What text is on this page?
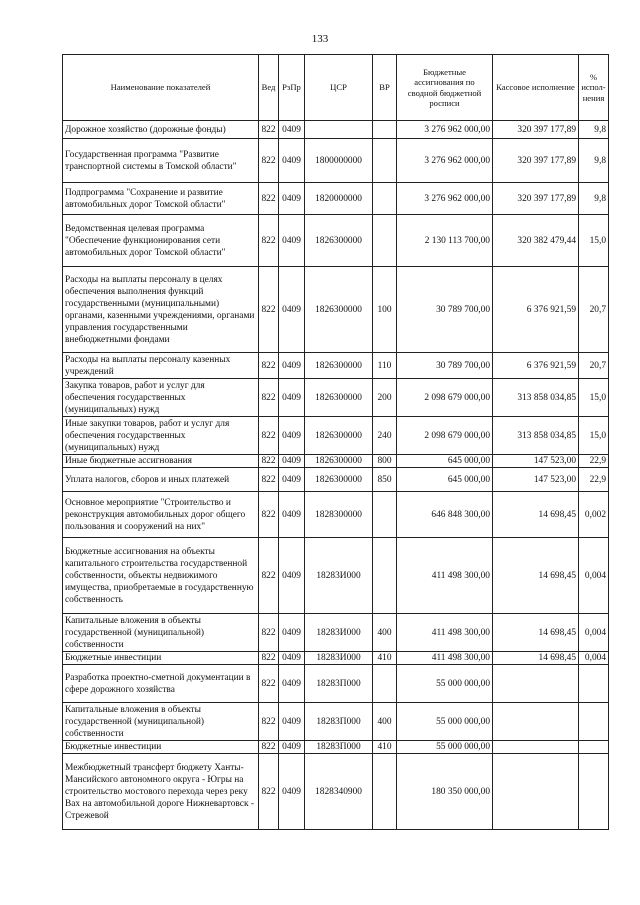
133
Наименование показателей	Вед	РзПр	ЦСР	ВР	Бюджетные ассигнования по сводной бюджетной росписи	Кассовое исполнение	% испол-нения
Дорожное хозяйство (дорожные фонды)	822	0409			3 276 962 000,00	320 397 177,89	9,8
Государственная программа "Развитие транспортной системы в Томской области"	822	0409	1800000000		3 276 962 000,00	320 397 177,89	9,8
Подпрограмма "Сохранение и развитие автомобильных дорог Томской области"	822	0409	1820000000		3 276 962 000,00	320 397 177,89	9,8
Ведомственная целевая программа "Обеспечение функционирования сети автомобильных дорог Томской области"	822	0409	1826300000		2 130 113 700,00	320 382 479,44	15,0
Расходы на выплаты персоналу в целях обеспечения выполнения функций государственными (муниципальными) органами, казенными учреждениями, органами управления государственными внебюджетными фондами	822	0409	1826300000	100	30 789 700,00	6 376 921,59	20,7
Расходы на выплаты персоналу казенных учреждений	822	0409	1826300000	110	30 789 700,00	6 376 921,59	20,7
Закупка товаров, работ и услуг для обеспечения государственных (муниципальных) нужд	822	0409	1826300000	200	2 098 679 000,00	313 858 034,85	15,0
Иные закупки товаров, работ и услуг для обеспечения государственных (муниципальных) нужд	822	0409	1826300000	240	2 098 679 000,00	313 858 034,85	15,0
Иные бюджетные ассигнования	822	0409	1826300000	800	645 000,00	147 523,00	22,9
Уплата налогов, сборов и иных платежей	822	0409	1826300000	850	645 000,00	147 523,00	22,9
Основное мероприятие "Строительство и реконструкция автомобильных дорог общего пользования и сооружений на них"	822	0409	1828300000		646 848 300,00	14 698,45	0,002
Бюджетные ассигнования на объекты капитального строительства государственной собственности, объекты недвижимого имущества, приобретаемые в государственную собственность	822	0409	18283И000		411 498 300,00	14 698,45	0,004
Капитальные вложения в объекты государственной (муниципальной) собственности	822	0409	18283И000	400	411 498 300,00	14 698,45	0,004
Бюджетные инвестиции	822	0409	18283И000	410	411 498 300,00	14 698,45	0,004
Разработка проектно-сметной документации в сфере дорожного хозяйства	822	0409	18283П000		55 000 000,00		
Капитальные вложения в объекты государственной (муниципальной) собственности	822	0409	18283П000	400	55 000 000,00		
Бюджетные инвестиции	822	0409	18283П000	410	55 000 000,00		
Межбюджетный трансферт бюджету Ханты-Мансийского автономного округа - Югры на строительство мостового перехода через реку Вах на автомобильной дороге Нижневартовск - Стрежевой	822	0409	1828340900		180 350 000,00		
